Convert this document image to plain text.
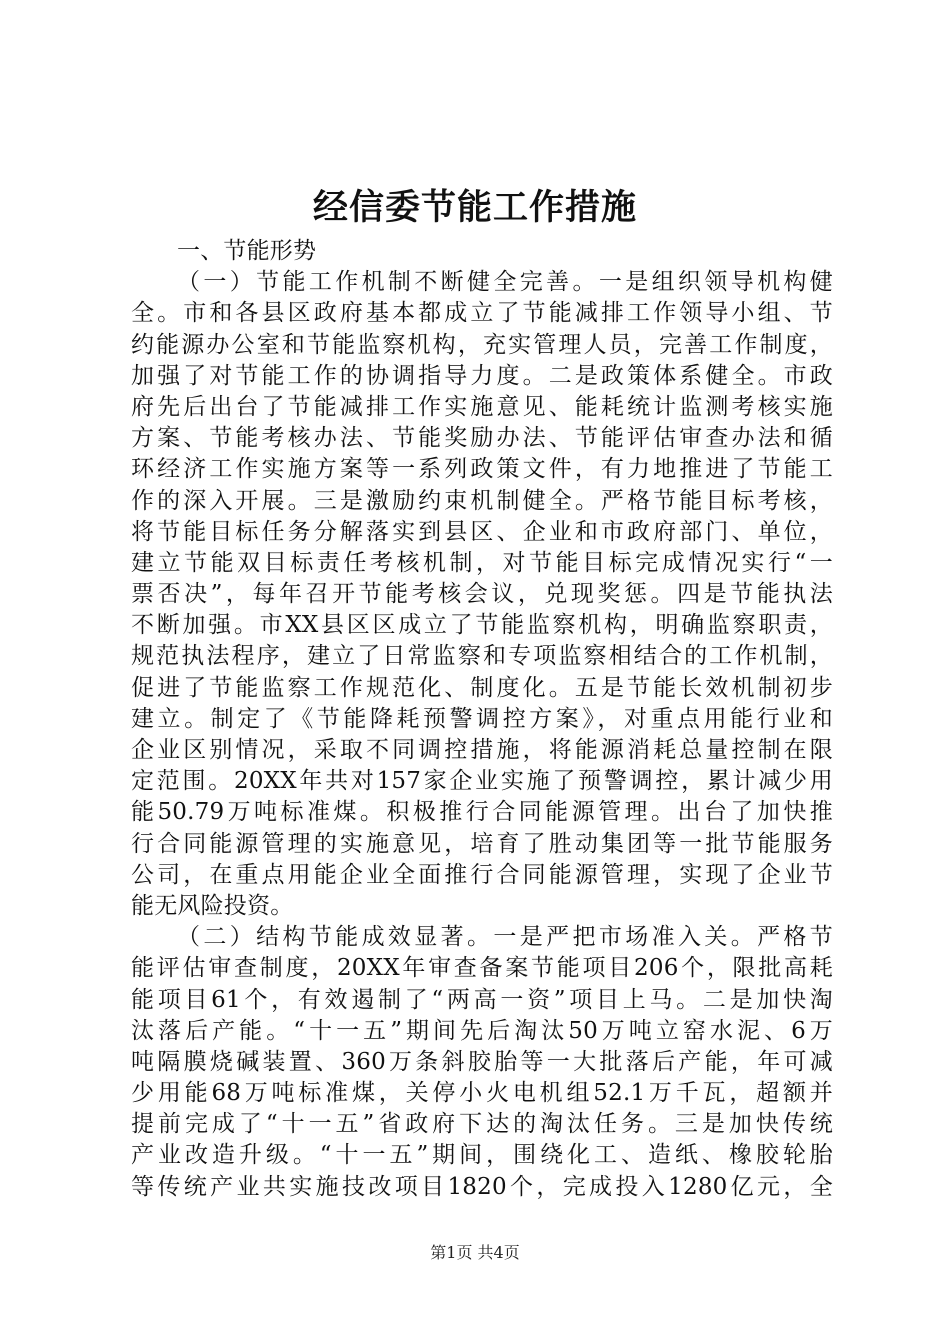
经信委节能工作措施
一、节能形势
（一）节能工作机制不断健全完善。一是组织领导机构健
全。市和各县区政府基本都成立了节能减排工作领导小组、节
约能源办公室和节能监察机构，充实管理人员，完善工作制度，
加强了对节能工作的协调指导力度。二是政策体系健全。市政
府先后出台了节能减排工作实施意见、能耗统计监测考核实施
方案、节能考核办法、节能奖励办法、节能评估审查办法和循
环经济工作实施方案等一系列政策文件，有力地推进了节能工
作的深入开展。三是激励约束机制健全。严格节能目标考核，
将节能目标任务分解落实到县区、企业和市政府部门、单位，
建立节能双目标责任考核机制，对节能目标完成情况实行“一
票否决”，每年召开节能考核会议，兑现奖惩。四是节能执法
不断加强。市XX县区区成立了节能监察机构，明确监察职责，
规范执法程序，建立了日常监察和专项监察相结合的工作机制，
促进了节能监察工作规范化、制度化。五是节能长效机制初步
建立。制定了《节能降耗预警调控方案》，对重点用能行业和
企业区别情况，采取不同调控措施，将能源消耗总量控制在限
定范围。20XX年共对157家企业实施了预警调控，累计减少用
能50.79万吨标准煤。积极推行合同能源管理。出台了加快推
行合同能源管理的实施意见，培育了胜动集团等一批节能服务
公司，在重点用能企业全面推行合同能源管理，实现了企业节
能无风险投资。
（二）结构节能成效显著。一是严把市场准入关。严格节
能评估审查制度，20XX年审查备案节能项目206个，限批高耗
能项目61个，有效遏制了“两高一资”项目上马。二是加快淘
汰落后产能。“十一五”期间先后淘汰50万吨立窑水泥、6万
吨隔膜烧碱装置、360万条斜胶胎等一大批落后产能，年可减
少用能68万吨标准煤，关停小火电机组52.1万千瓦，超额并
提前完成了“十一五”省政府下达的淘汰任务。三是加快传统
产业改造升级。“十一五”期间，围绕化工、造纸、橡胶轮胎
等传统产业共实施技改项目1820个，完成投入1280亿元，全
第1页 共4页
